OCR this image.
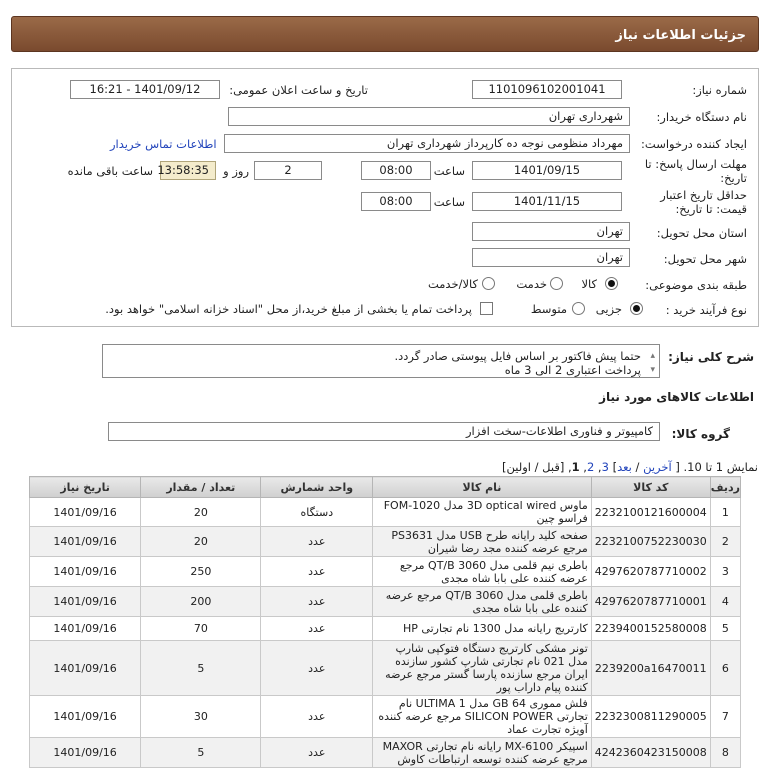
جزئیات اطلاعات نیاز
شماره نیاز:
1101096102001041
تاریخ و ساعت اعلان عمومی:
1401/09/12 - 16:21
نام دستگاه خریدار:
شهرداری تهران
ایجاد کننده درخواست:
مهرداد منظومی نوجه ده کارپرداز شهرداری تهران
اطلاعات تماس خریدار
مهلت ارسال پاسخ: تا
تاریخ:
1401/09/15
ساعت
08:00
2
روز و
13:58:35
ساعت باقی مانده
حداقل تاریخ اعتبار
قیمت: تا تاریخ:
1401/11/15
ساعت
08:00
استان محل تحویل:
تهران
شهر محل تحویل:
تهران
طبقه بندی موضوعی:
کالا
خدمت
کالا/خدمت
نوع فرآیند خرید :
جزیی
متوسط
پرداخت تمام یا بخشی از مبلغ خرید،از محل "اسناد خزانه اسلامی" خواهد بود.
شرح کلی نیاز:
▴
▾
حتما پیش فاکتور بر اساس فایل پیوستی صادر گردد.
پرداخت اعتباری 2 الی 3 ماه
اطلاعات کالاهای مورد نیاز
گروه کالا:
کامپیوتر و فناوری اطلاعات-سخت افزار
نمایش 1 تا 10. [ آخرین / بعد] 3, 2, 1, [قبل / اولین]
ردیف	کد کالا	نام کالا	واحد شمارش	تعداد / مقدار	تاریخ نیاز
1	2232100121600004	ماوس 3D optical wired مدل FOM-1020 فراسو چین	دستگاه	20	1401/09/16
2	2232100752230030	صفحه کلید رایانه طرح USB مدل PS3631 مرجع عرضه کننده مجد رضا شیران	عدد	20	1401/09/16
3	4297620787710002	باطری نیم قلمی مدل QT/B 3060 مرجع عرضه کننده علی بابا شاه مجدی	عدد	250	1401/09/16
4	4297620787710001	باطری قلمی مدل QT/B 3060 مرجع عرضه کننده علی بابا شاه مجدی	عدد	200	1401/09/16
5	2239400152580008	کارتریج رایانه مدل 1300 نام تجارتی HP	عدد	70	1401/09/16
6	2239200a16470011	تونر مشکی کارتریج دستگاه فتوکپی شارپ مدل 021 نام تجارتی شارپ کشور سازنده ایران مرجع سازنده پارسا گستر مرجع عرضه کننده پیام داراب پور	عدد	5	1401/09/16
7	2232300811290005	فلش مموری 64 GB مدل ULTIMA 1 نام تجارتی SILICON POWER مرجع عرضه کننده آویژه تجارت عماد	عدد	30	1401/09/16
8	4242360423150008	اسپیکر MX-6100 رایانه نام تجارتی MAXOR مرجع عرضه کننده توسعه ارتباطات کاوش	عدد	5	1401/09/16
